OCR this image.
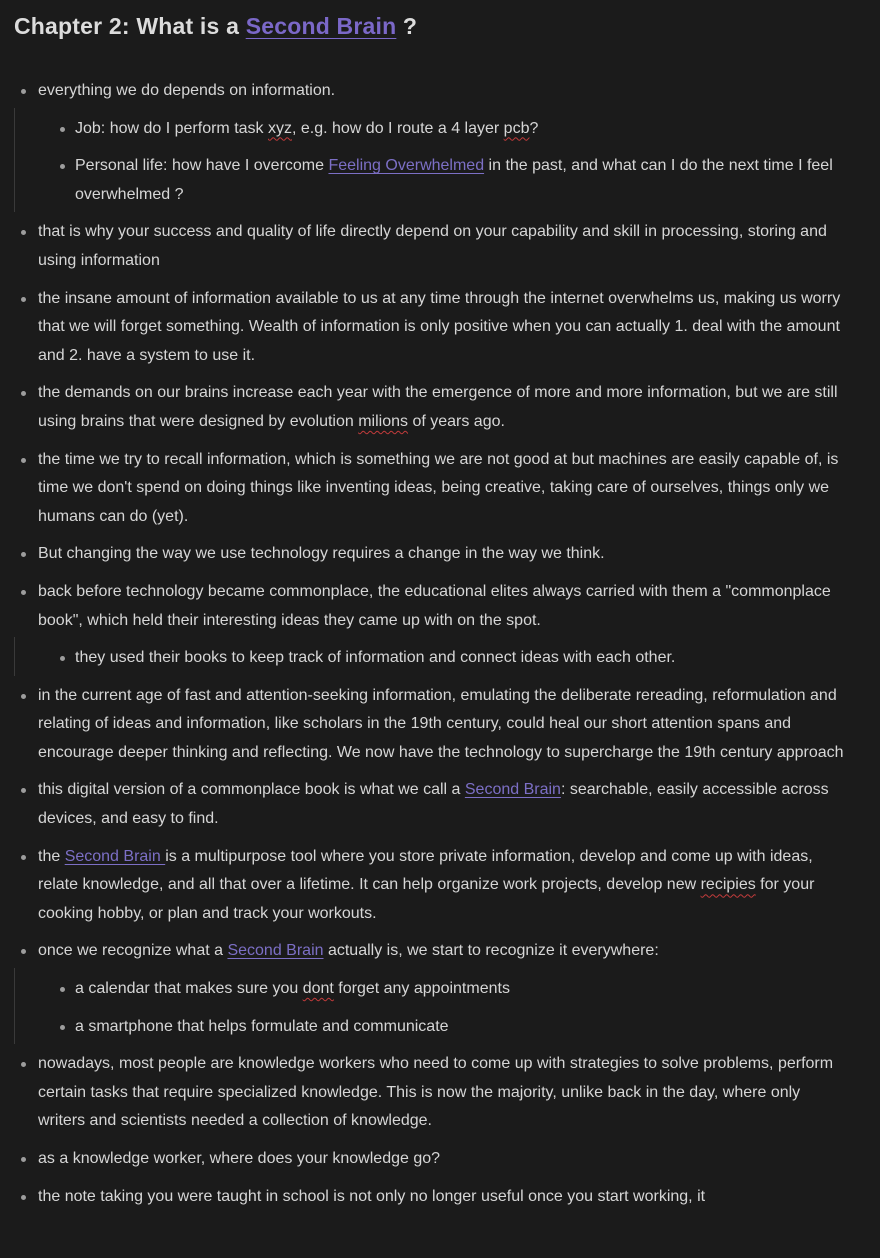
Chapter 2: What is a Second Brain ?
everything we do depends on information.
Job: how do I perform task xyz, e.g. how do I route a 4 layer pcb?
Personal life: how have I overcome Feeling Overwhelmed in the past, and what can I do the next time I feel overwhelmed ?
that is why your success and quality of life directly depend on your capability and skill in processing, storing and using information
the insane amount of information available to us at any time through the internet overwhelms us, making us worry that we will forget something. Wealth of information is only positive when you can actually 1. deal with the amount and 2. have a system to use it.
the demands on our brains increase each year with the emergence of more and more information, but we are still using brains that were designed by evolution milions of years ago.
the time we try to recall information, which is something we are not good at but machines are easily capable of, is time we don't spend on doing things like inventing ideas, being creative, taking care of ourselves, things only we humans can do (yet).
But changing the way we use technology requires a change in the way we think.
back before technology became commonplace, the educational elites always carried with them a "commonplace book", which held their interesting ideas they came up with on the spot.
they used their books to keep track of information and connect ideas with each other.
in the current age of fast and attention-seeking information, emulating the deliberate rereading, reformulation and relating of ideas and information, like scholars in the 19th century, could heal our short attention spans and encourage deeper thinking and reflecting. We now have the technology to supercharge the 19th century approach
this digital version of a commonplace book is what we call a Second Brain: searchable, easily accessible across devices, and easy to find.
the Second Brain is a multipurpose tool where you store private information, develop and come up with ideas, relate knowledge, and all that over a lifetime. It can help organize work projects, develop new recipies for your cooking hobby, or plan and track your workouts.
once we recognize what a Second Brain actually is, we start to recognize it everywhere:
a calendar that makes sure you dont forget any appointments
a smartphone that helps formulate and communicate
nowadays, most people are knowledge workers who need to come up with strategies to solve problems, perform certain tasks that require specialized knowledge. This is now the majority, unlike back in the day, where only writers and scientists needed a collection of knowledge.
as a knowledge worker, where does your knowledge go?
the note taking you were taught in school is not only no longer useful once you start working, it
